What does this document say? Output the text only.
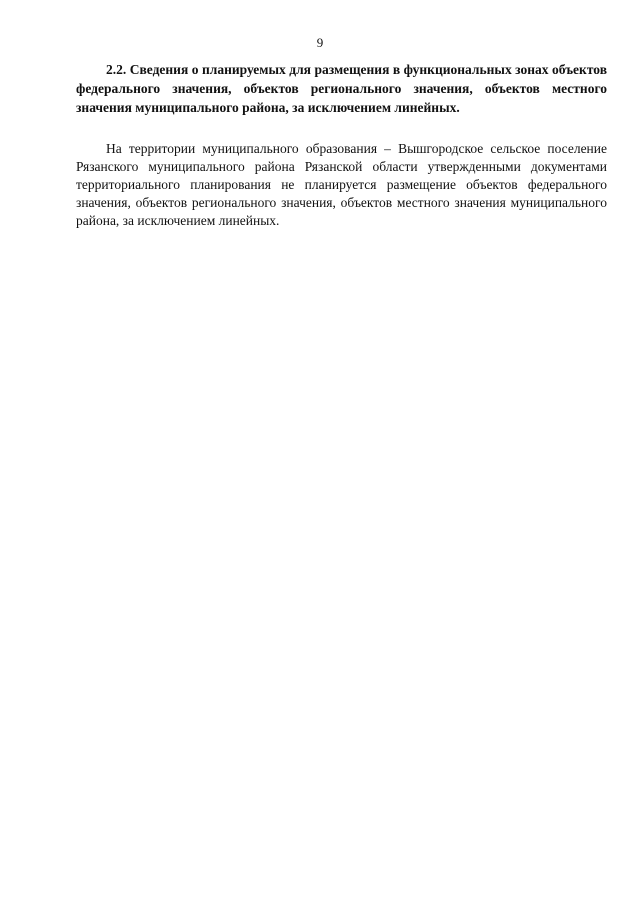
9

2.2. Сведения о планируемых для размещения в функциональных зонах объектов федерального значения, объектов регионального значения, объектов местного значения муниципального района, за исключением линейных.

На территории муниципального образования – Вышгородское сельское поселение Рязанского муниципального района Рязанской области утвержденными документами территориального планирования не планируется размещение объектов федерального значения, объектов регионального значения, объектов местного значения муниципального района, за исключением линейных.
